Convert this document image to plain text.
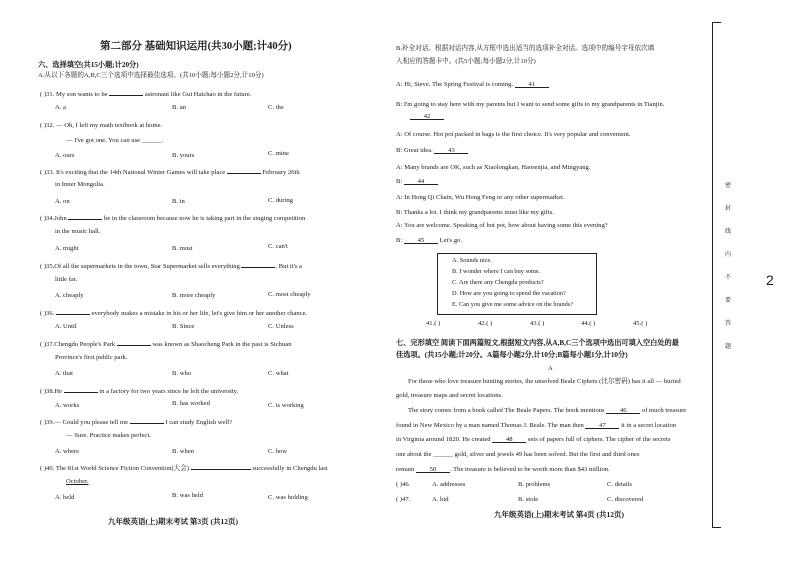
第二部分 基础知识运用(共30小题;计40分)
六、选择填空(共15小题;计20分)
A.从以下各题的A,B,C三个选项中选择最佳选项。(共10小题;每小题2分,计10分)
( )31. My son wants to be	astronaut like Gui Haichao in the future.
A. a	B. an	C. the
( )32. — Oh, I left my math textbook at home.
— I've got one. You can use ______.
A. ours	B. yours	C. mine
( )33. It's exciting that the 14th National Winter Games will take place	February 26th
in Inner Mongolia.
A. on	B. in	C. during
( )34.John	be in the classroom because now he is taking part in the singing competition
in the music hall.
A. might	B. must	C. can't
( )35.Of all the supermarkets in the town, Star Supermarket sells everything	. But it's a
little far.
A. cheaply	B. more cheaply	C. most cheaply
( )36.	everybody makes a mistake in his or her life, let's give him or her another chance.
A. Until	B. Since	C. Unless
( )37.Chengdu People's Park	was known as Shaocheng Park in the past is Sichuan
Province's first public park.
A. that	B. who	C. what
( )38.He	in a factory for two years since he left the university.
A. works	B. has worked	C. is working
( )39.— Could you please tell me	I can study English well?
— Sure. Practice makes perfect.
A. where	B. when	C. how
( )40. The 81st World Science Fiction Convention(大会)	successfully in Chengdu last
October.
A. held	B. was held	C. was holding
九年级英语(上)期末考试 第3页 (共12页)
B.补全对话。根据对话内容,从方框中选出适当的选项补全对话。选项中的编号字母依次填
入相应的答题卡中。(共5小题;每小题2分,计10分)
A: Hi, Steve. The Spring Festival is coming. 41
B: I'm going to stay here with my parents but I want to send some gifts to my grandparents in Tianjin.
42
A: Of course. Hot pot packed in bags is the first choice. It's very popular and convenient.
B: Great idea. 43
A: Many brands are OK, such as Xiaolongkan, Haorenjia, and Mingyang.
B: 44
A: In Hong Qi Chain, Wu Hong Feng or any other supermarket.
B: Thanks a lot. I think my grandparents must like my gifts.
A: You are welcome. Speaking of hot pot, how about having some this evening?
B: 45 Let's go.
A. Sounds nice.
B. I wonder where I can buy some.
C. Are there any Chengdu products?
D. How are you going to spend the vacation?
E. Can you give me some advice on the brands?
41.( )	42.( )	43.( )	44.( )	45.( )
七、完形填空 阅读下面两篇短文,根据短文内容,从A,B,C三个选项中选出可填入空白处的最
佳选项。(共15小题;计20分。A篇每小题2分,计10分;B篇每小题1分,计10分)
A
For those who love treasure hunting stories, the unsolved Beale Ciphers (比尔密码) has it all — buried
gold, treasure maps and secret locations.
The story comes from a book called The Beale Papers. The book mentions 46 of much treasure
found in New Mexico by a man named Thomas J. Beale. The man then 47 it in a secret location
in Virginia around 1820. He created 48 sets of papers full of ciphers. The cipher of the secrets
one about the ______ gold, silver and jewels 49 has been solved. But the first and third ones
remain 50 . The treasure is believed to be worth more than $43 million.
( )46.	A. addresses	B. problems	C. details
( )47.	A. hid	B. stole	C. discovered
九年级英语(上)期末考试 第4页 (共12页)
密
封
线
内
不
要
答
题
2
